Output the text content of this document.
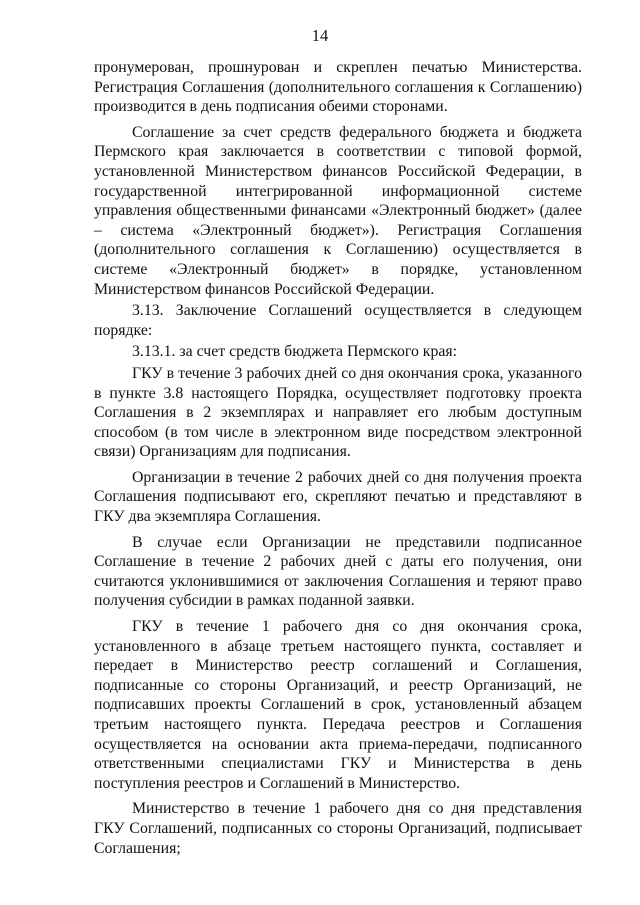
14

пронумерован, прошнурован и скреплен печатью Министерства. Регистрация Соглашения (дополнительного соглашения к Соглашению) производится в день подписания обеими сторонами.

Соглашение за счет средств федерального бюджета и бюджета Пермского края заключается в соответствии с типовой формой, установленной Министерством финансов Российской Федерации, в государственной интегрированной информационной системе управления общественными финансами «Электронный бюджет» (далее – система «Электронный бюджет»). Регистрация Соглашения (дополнительного соглашения к Соглашению) осуществляется в системе «Электронный бюджет» в порядке, установленном Министерством финансов Российской Федерации.

3.13. Заключение Соглашений осуществляется в следующем порядке:

3.13.1. за счет средств бюджета Пермского края:

ГКУ в течение 3 рабочих дней со дня окончания срока, указанного в пункте 3.8 настоящего Порядка, осуществляет подготовку проекта Соглашения в 2 экземплярах и направляет его любым доступным способом (в том числе в электронном виде посредством электронной связи) Организациям для подписания.

Организации в течение 2 рабочих дней со дня получения проекта Соглашения подписывают его, скрепляют печатью и представляют в ГКУ два экземпляра Соглашения.

В случае если Организации не представили подписанное Соглашение в течение 2 рабочих дней с даты его получения, они считаются уклонившимися от заключения Соглашения и теряют право получения субсидии в рамках поданной заявки.

ГКУ в течение 1 рабочего дня со дня окончания срока, установленного в абзаце третьем настоящего пункта, составляет и передает в Министерство реестр соглашений и Соглашения, подписанные со стороны Организаций, и реестр Организаций, не подписавших проекты Соглашений в срок, установленный абзацем третьим настоящего пункта. Передача реестров и Соглашения осуществляется на основании акта приема-передачи, подписанного ответственными специалистами ГКУ и Министерства в день поступления реестров и Соглашений в Министерство.

Министерство в течение 1 рабочего дня со дня представления ГКУ Соглашений, подписанных со стороны Организаций, подписывает Соглашения;
